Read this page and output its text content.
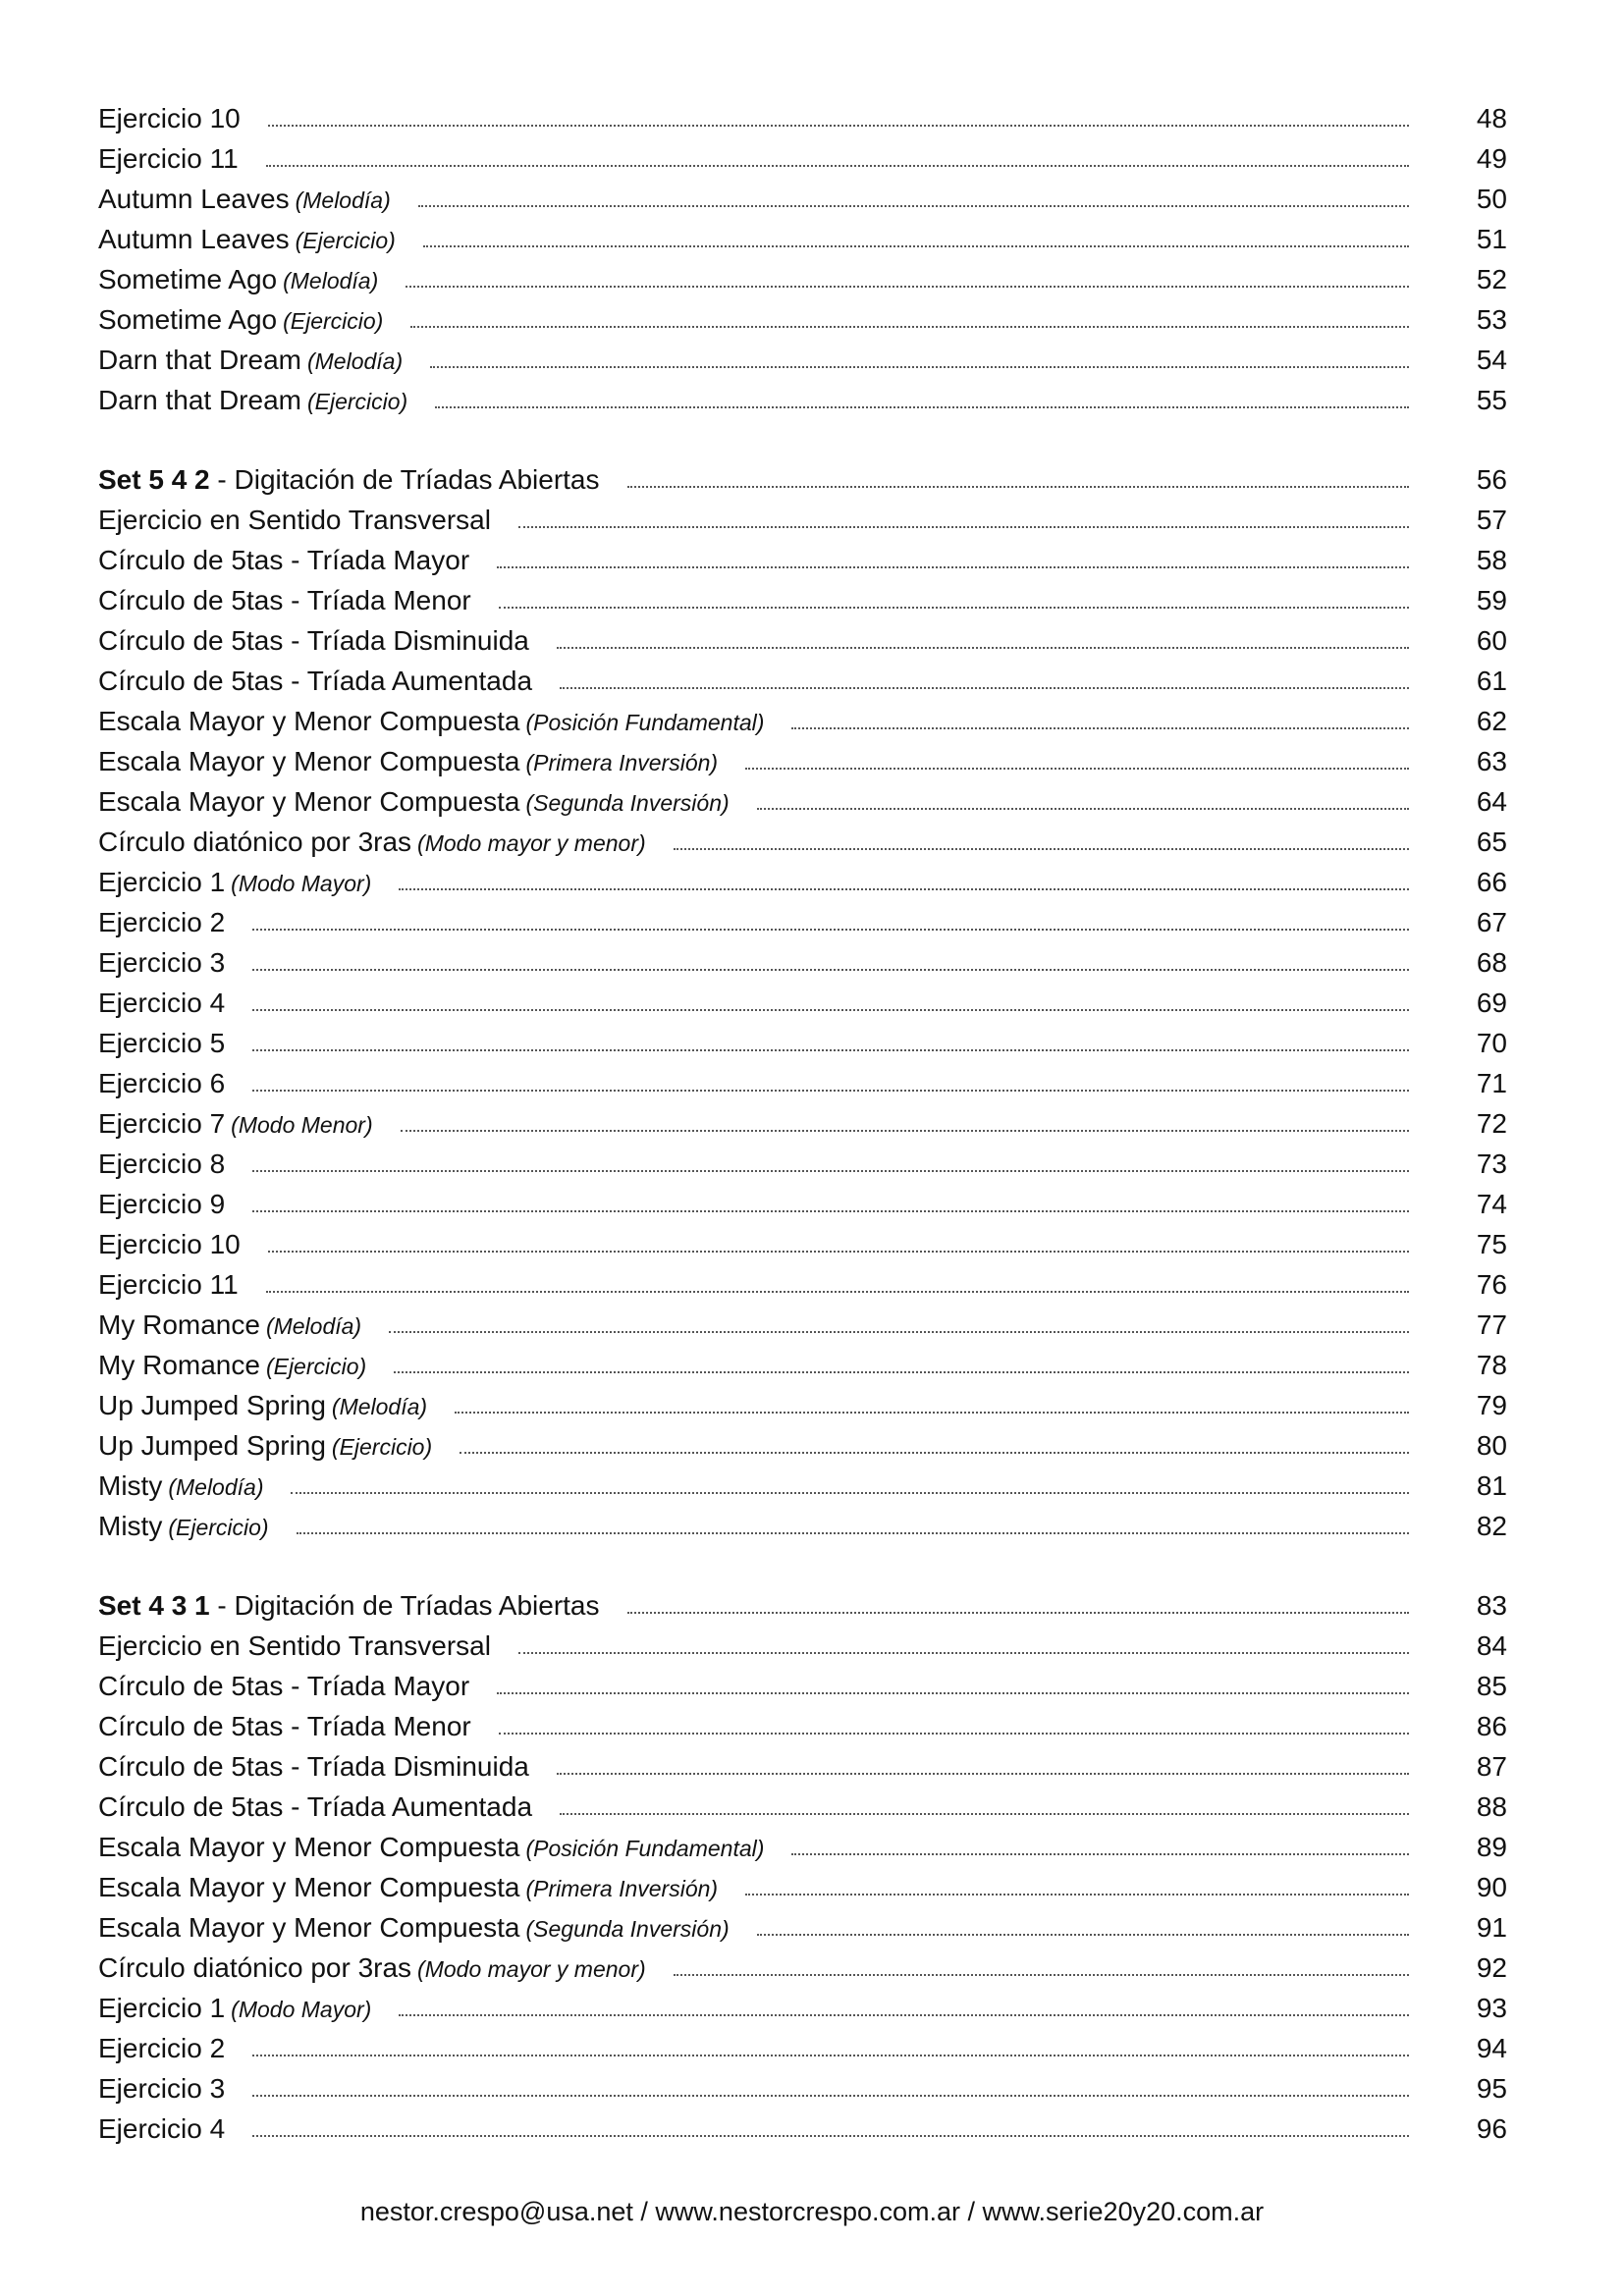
Ejercicio 10	48
Ejercicio 11	49
Autumn Leaves (Melodía)	50
Autumn Leaves (Ejercicio)	51
Sometime Ago (Melodía)	52
Sometime Ago (Ejercicio)	53
Darn that Dream (Melodía)	54
Darn that Dream (Ejercicio)	55
Set 5 4 2 - Digitación de Tríadas Abiertas	56
Ejercicio en Sentido Transversal	57
Círculo de 5tas - Tríada Mayor	58
Círculo de 5tas - Tríada Menor	59
Círculo de 5tas - Tríada Disminuida	60
Círculo de 5tas - Tríada Aumentada	61
Escala Mayor y Menor Compuesta (Posición Fundamental)	62
Escala Mayor y Menor Compuesta (Primera Inversión)	63
Escala Mayor y Menor Compuesta (Segunda Inversión)	64
Círculo diatónico por 3ras (Modo mayor y menor)	65
Ejercicio 1 (Modo Mayor)	66
Ejercicio 2	67
Ejercicio 3	68
Ejercicio 4	69
Ejercicio 5	70
Ejercicio 6	71
Ejercicio 7 (Modo Menor)	72
Ejercicio 8	73
Ejercicio 9	74
Ejercicio 10	75
Ejercicio 11	76
My Romance (Melodía)	77
My Romance (Ejercicio)	78
Up Jumped Spring (Melodía)	79
Up Jumped Spring (Ejercicio)	80
Misty (Melodía)	81
Misty (Ejercicio)	82
Set 4 3 1 - Digitación de Tríadas Abiertas	83
Ejercicio en Sentido Transversal	84
Círculo de 5tas - Tríada Mayor	85
Círculo de 5tas - Tríada Menor	86
Círculo de 5tas - Tríada Disminuida	87
Círculo de 5tas - Tríada Aumentada	88
Escala Mayor y Menor Compuesta (Posición Fundamental)	89
Escala Mayor y Menor Compuesta (Primera Inversión)	90
Escala Mayor y Menor Compuesta (Segunda Inversión)	91
Círculo diatónico por 3ras (Modo mayor y menor)	92
Ejercicio 1 (Modo Mayor)	93
Ejercicio 2	94
Ejercicio 3	95
Ejercicio 4	96
nestor.crespo@usa.net / www.nestorcrespo.com.ar / www.serie20y20.com.ar
